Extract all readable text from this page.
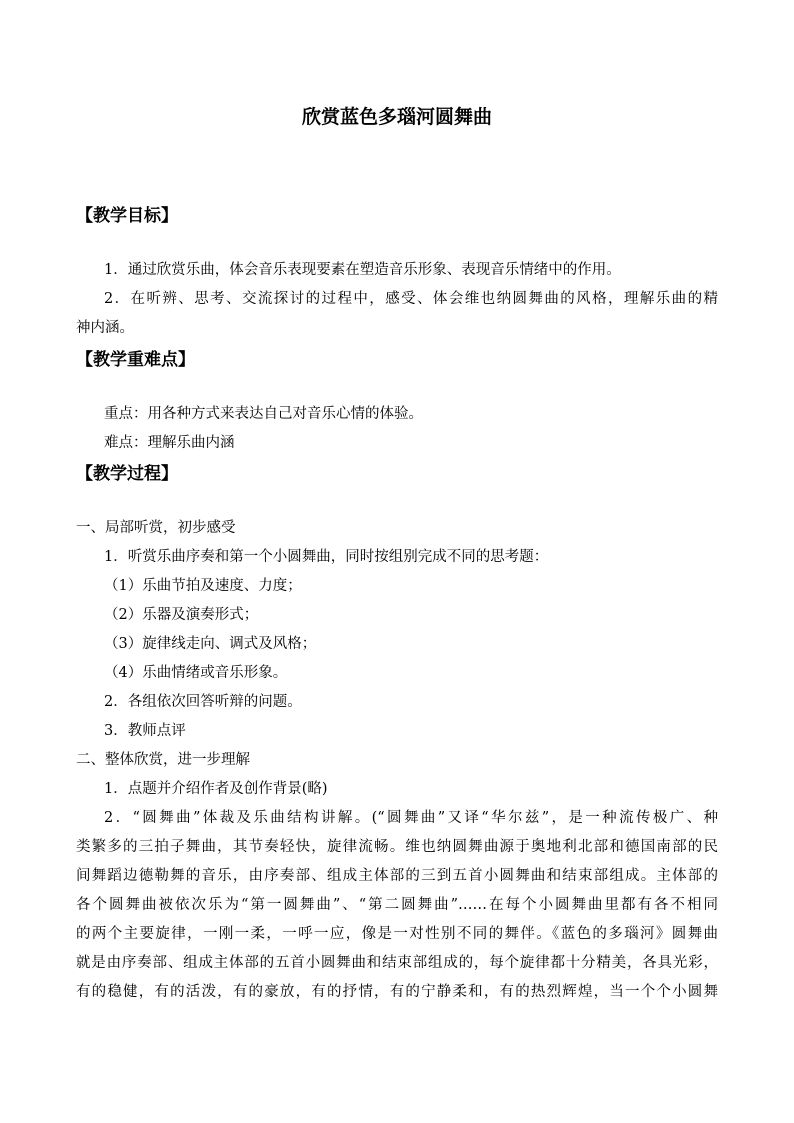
欣赏蓝色多瑙河圆舞曲
【教学目标】
1．通过欣赏乐曲，体会音乐表现要素在塑造音乐形象、表现音乐情绪中的作用。
2．在听辨、思考、交流探讨的过程中，感受、体会维也纳圆舞曲的风格，理解乐曲的精
神内涵。
【教学重难点】
重点：用各种方式来表达自己对音乐心情的体验。
难点：理解乐曲内涵
【教学过程】
一、局部听赏，初步感受
1．听赏乐曲序奏和第一个小圆舞曲，同时按组别完成不同的思考题：
（1）乐曲节拍及速度、力度；
（2）乐器及演奏形式；
（3）旋律线走向、调式及风格；
（4）乐曲情绪或音乐形象。
2．各组依次回答听辩的问题。
3．教师点评
二、整体欣赏，进一步理解
1．点题并介绍作者及创作背景(略)
2．“圆舞曲”体裁及乐曲结构讲解。(“圆舞曲”又译“华尔兹”，是一种流传极广、种
类繁多的三拍子舞曲，其节奏轻快，旋律流畅。维也纳圆舞曲源于奥地利北部和德国南部的民
间舞蹈边德勒舞的音乐，由序奏部、组成主体部的三到五首小圆舞曲和结束部组成。主体部的
各个圆舞曲被依次乐为“第一圆舞曲”、“第二圆舞曲”……在每个小圆舞曲里都有各不相同
的两个主要旋律，一刚一柔，一呼一应，像是一对性别不同的舞伴。《蓝色的多瑙河》圆舞曲
就是由序奏部、组成主体部的五首小圆舞曲和结束部组成的，每个旋律都十分精美，各具光彩，
有的稳健，有的活泼，有的豪放，有的抒情，有的宁静柔和，有的热烈辉煌，当一个个小圆舞
